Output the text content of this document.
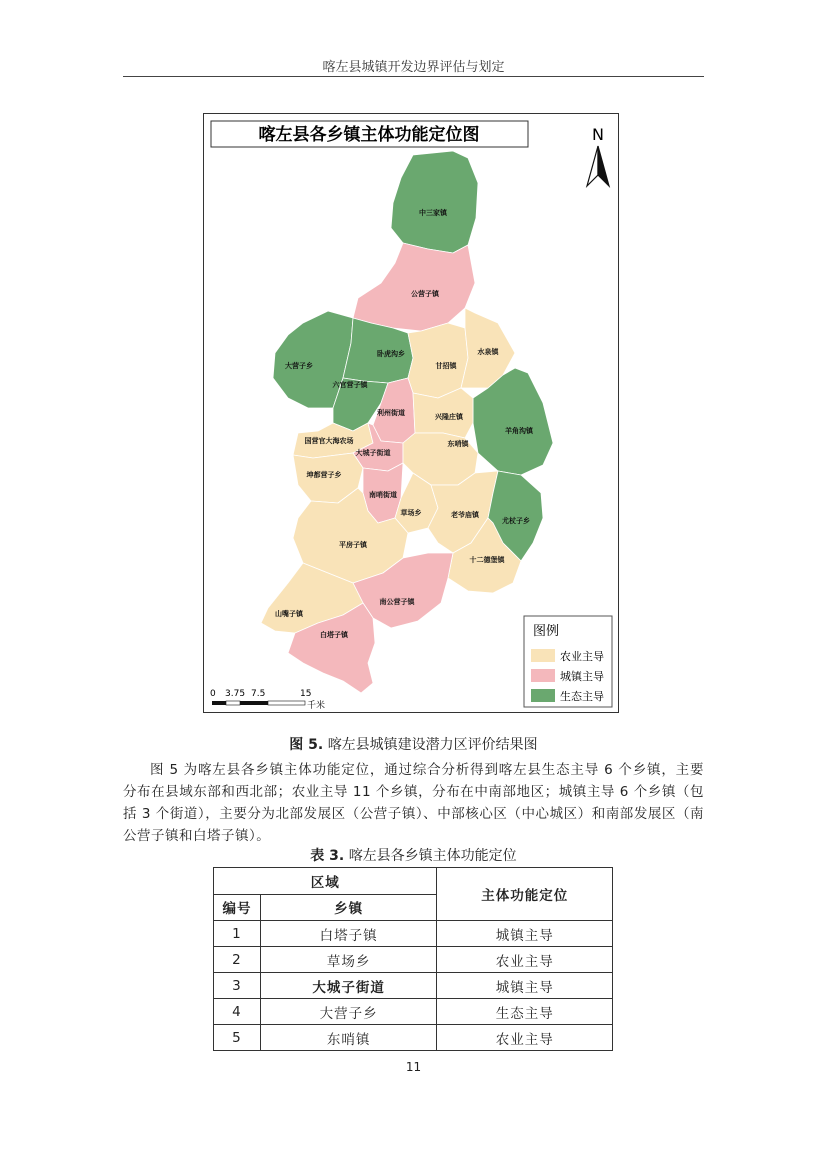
喀左县城镇开发边界评估与划定
喀左县各乡镇主体功能定位图	N
中三家镇
公营子镇
大营子乡
卧虎沟乡
六官营子镇
甘招镇
水泉镇
利州街道	兴隆庄镇
羊角沟镇
国营官大海农场
大城子街道
东哨镇
坤都营子乡
南哨街道
草场乡	老爷庙镇
尤杖子乡
平房子镇
十二德堡镇
南公营子镇
山嘴子镇
白塔子镇	图例
农业主导
城镇主导
生态主导
0 3.75 7.5	15
千米
图 5. 喀左县城镇建设潜力区评价结果图

图 5 为喀左县各乡镇主体功能定位，通过综合分析得到喀左县生态主导 6 个乡镇，主要分布在县域东部和西北部；农业主导 11 个乡镇，分布在中南部地区；城镇主导 6 个乡镇（包括 3 个街道），主要分为北部发展区（公营子镇）、中部核心区（中心城区）和南部发展区（南公营子镇和白塔子镇）。

表 3. 喀左县各乡镇主体功能定位
区域		主体功能定位
编号	乡镇	
1	白塔子镇	城镇主导
2	草场乡	农业主导
3	大城子街道	城镇主导
4	大营子乡	生态主导
5	东哨镇	农业主导
11
